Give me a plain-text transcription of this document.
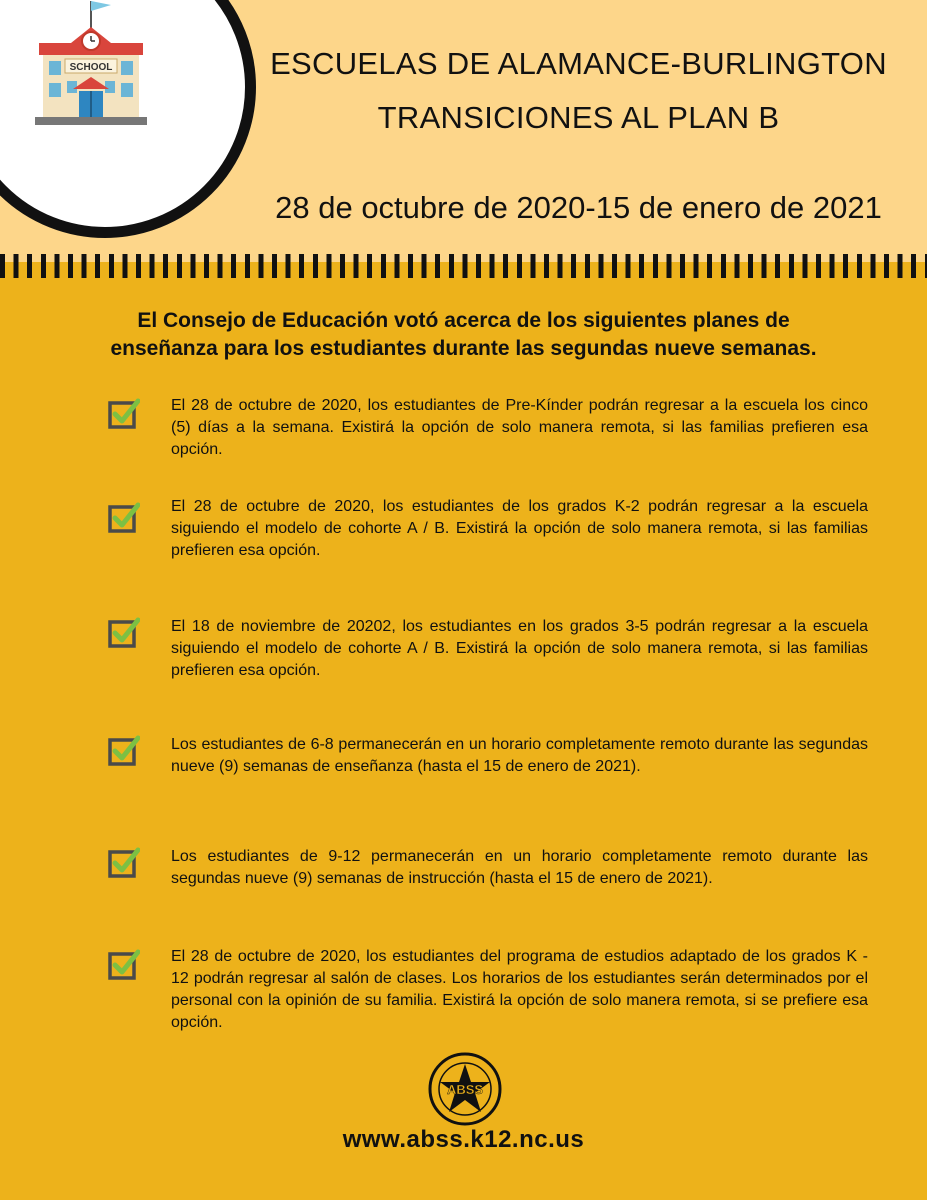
SCHOOL	ESCUELAS DE ALAMANCE-BURLINGTON
TRANSICIONES AL PLAN B
28 de octubre de 2020-15 de enero de 2021
El Consejo de Educación votó acerca de los siguientes planes de
enseñanza para los estudiantes durante las segundas nueve semanas.
El 28 de octubre de 2020, los estudiantes de Pre-Kínder podrán regresar a la escuela los cinco (5) días a la semana. Existirá la opción de solo manera remota, si las familias prefieren esa opción.
El 28 de octubre de 2020, los estudiantes de los grados K-2 podrán regresar a la escuela siguiendo el modelo de cohorte A / B. Existirá la opción de solo manera remota, si las familias prefieren esa opción.
El 18 de noviembre de 20202, los estudiantes en los grados 3-5 podrán regresar a la escuela siguiendo el modelo de cohorte A / B. Existirá la opción de solo manera remota, si las familias prefieren esa opción.
Los estudiantes de 6-8 permanecerán en un horario completamente remoto durante las segundas nueve (9) semanas de enseñanza (hasta el 15 de enero de 2021).
Los estudiantes de 9-12 permanecerán en un horario completamente remoto durante las segundas nueve (9) semanas de instrucción (hasta el 15 de enero de 2021).
El 28 de octubre de 2020, los estudiantes del programa de estudios adaptado de los grados K - 12 podrán regresar al salón de clases. Los horarios de los estudiantes serán determinados por el personal con la opinión de su familia. Existirá la opción de solo manera remota, si se prefiere esa opción.
ABSS
www.abss.k12.nc.us
